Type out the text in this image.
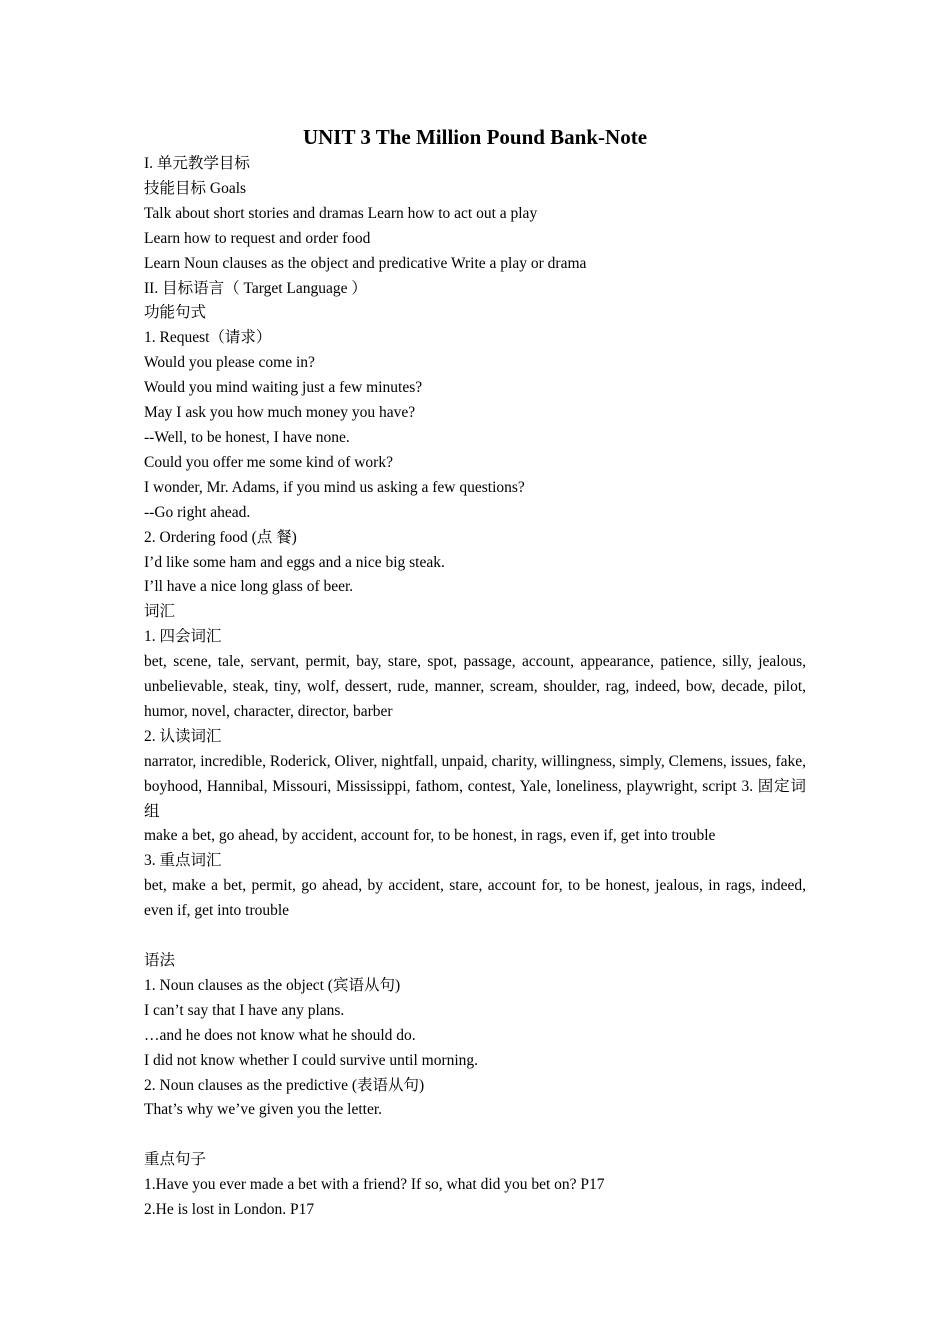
UNIT 3 The Million Pound Bank-Note
I. 单元教学目标
技能目标 Goals
Talk about short stories and dramas Learn how to act out a play
Learn how to request and order food
Learn Noun clauses as the object and predicative Write a play or drama
II. 目标语言（ Target Language ）
功能句式
1. Request（请求）
Would you please come in?
Would you mind waiting just a few minutes?
May I ask you how much money you have?
--Well, to be honest, I have none.
Could you offer me some kind of work?
I wonder, Mr. Adams, if you mind us asking a few questions?
--Go right ahead.
2. Ordering food (点 餐)
I’d like some ham and eggs and a nice big steak.
I’ll have a nice long glass of beer.
词汇
1. 四会词汇
bet, scene, tale, servant, permit, bay, stare, spot, passage, account, appearance, patience, silly, jealous, unbelievable, steak, tiny, wolf, dessert, rude, manner, scream, shoulder, rag, indeed, bow, decade, pilot, humor, novel, character, director, barber
2. 认读词汇
narrator, incredible, Roderick, Oliver, nightfall, unpaid, charity, willingness, simply, Clemens, issues, fake, boyhood, Hannibal, Missouri, Mississippi, fathom, contest, Yale, loneliness, playwright, script 3. 固定词组
make a bet, go ahead, by accident, account for, to be honest, in rags, even if, get into trouble
3. 重点词汇
bet, make a bet, permit, go ahead, by accident, stare, account for, to be honest, jealous, in rags, indeed, even if, get into trouble
语法
1. Noun clauses as the object (宾语从句)
I can’t say that I have any plans.
…and he does not know what he should do.
I did not know whether I could survive until morning.
2. Noun clauses as the predictive (表语从句)
That’s why we’ve given you the letter.
重点句子
1.Have you ever made a bet with a friend? If so, what did you bet on? P17
2.He is lost in London. P17
